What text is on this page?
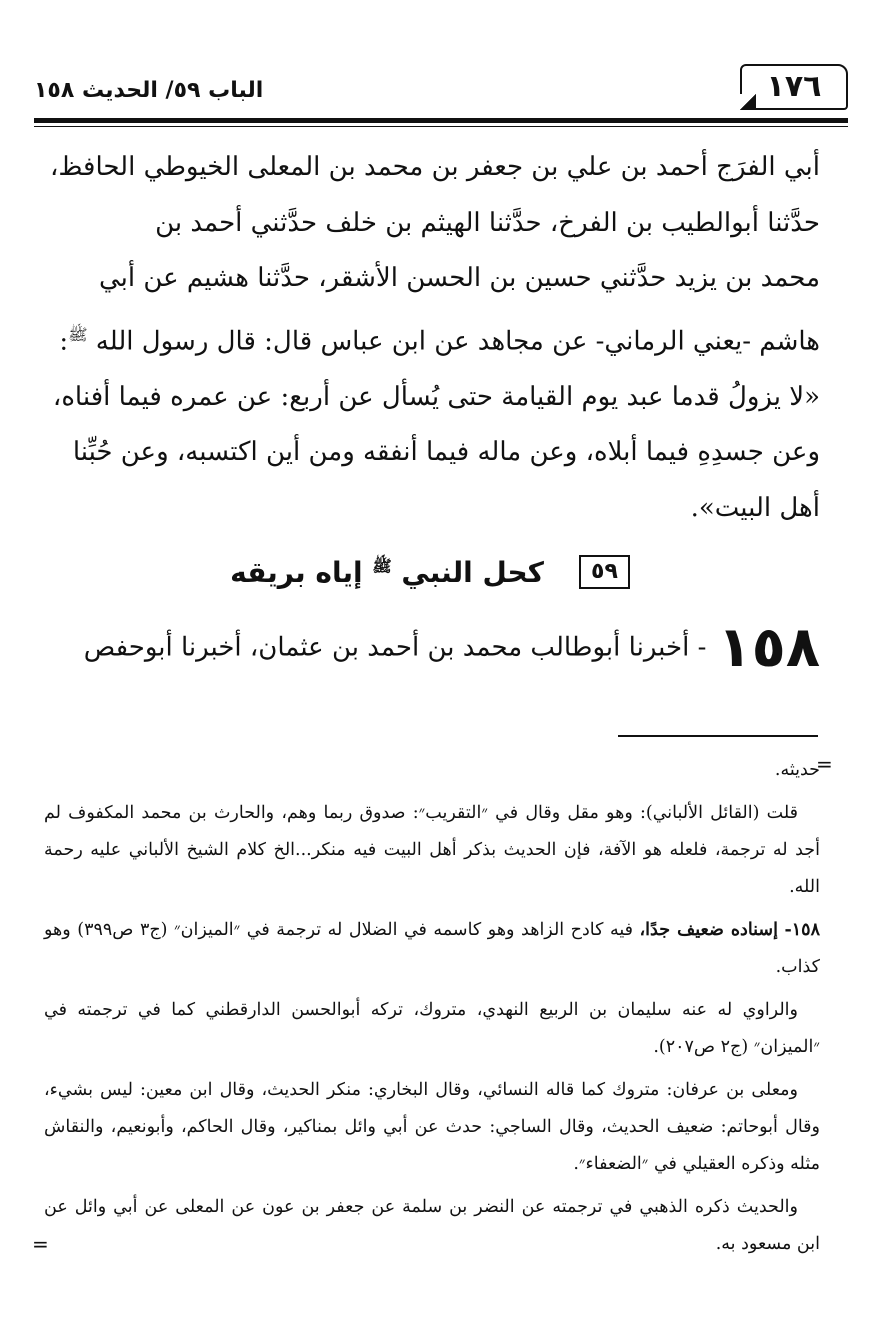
١٧٦
الباب ٥٩/ الحديث ١٥٨

أبي الفرَج أحمد بن علي بن جعفر بن محمد بن المعلى الخيوطي الحافظ،

حدَّثنا أبوالطيب بن الفرخ، حدَّثنا الهيثم بن خلف حدَّثني أحمد بن

محمد بن يزيد حدَّثني حسين بن الحسن الأشقر، حدَّثنا هشيم عن أبي

هاشم -يعني الرماني- عن مجاهد عن ابن عباس قال: قال رسول الله $^ﷺ$:

«لا يزولُ قدما عبد يوم القيامة حتى يُسأل عن أربع: عن عمره فيما أفناه،

وعن جسدِهِ فيما أبلاه، وعن ماله فيما أنفقه ومن أين اكتسبه، وعن حُبِّنا

أهل البيت».

٥٩ كحل النبي $^ﷺ$ إياه بريقه
١٥٨ - أخبرنا أبوطالب محمد بن أحمد بن عثمان، أخبرنا أبوحفص
=

حديثه.

قلت (القائل الألباني): وهو مقل وقال في ״التقريب״: صدوق ربما وهم، والحارث بن محمد المكفوف لم أجد له ترجمة، فلعله هو الآفة، فإن الحديث بذكر أهل البيت فيه منكر...الخ كلام الشيخ الألباني عليه رحمة الله.

١٥٨- إسناده ضعيف جدًا، فيه كادح الزاهد وهو كاسمه في الضلال له ترجمة في ״الميزان״ (ج٣ ص٣٩٩) وهو كذاب.

والراوي له عنه سليمان بن الربيع النهدي، متروك، تركه أبوالحسن الدارقطني كما في ترجمته في ״الميزان״ (ج٢ ص٢٠٧).

ومعلى بن عرفان: متروك كما قاله النسائي، وقال البخاري: منكر الحديث، وقال ابن معين: ليس بشيء، وقال أبوحاتم: ضعيف الحديث، وقال الساجي: حدث عن أبي وائل بمناكير، وقال الحاكم، وأبونعيم، والنقاش مثله وذكره العقيلي في ״الضعفاء״.

والحديث ذكره الذهبي في ترجمته عن النضر بن سلمة عن جعفر بن عون عن المعلى عن أبي وائل عن ابن مسعود به.

=
